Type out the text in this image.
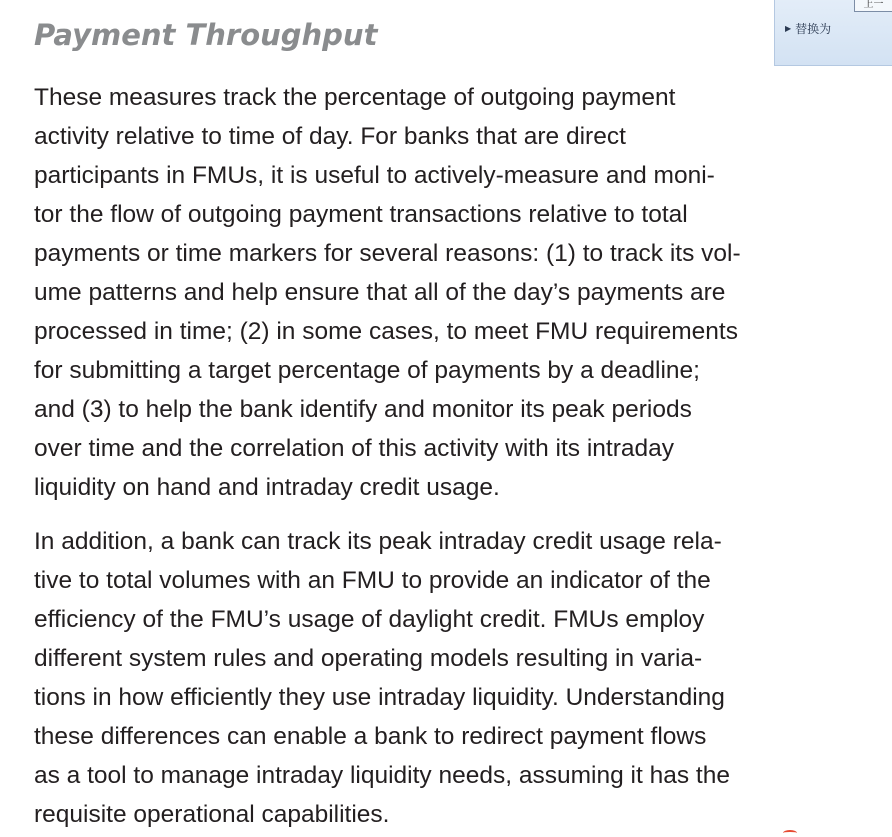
Payment Throughput

These measures track the percentage of outgoing payment
activity relative to time of day. For banks that are direct
participants in FMUs, it is useful to actively-measure and moni-
tor the flow of outgoing payment transactions relative to total
payments or time markers for several reasons: (1) to track its vol-
ume patterns and help ensure that all of the day’s payments are
processed in time; (2) in some cases, to meet FMU requirements
for submitting a target percentage of payments by a deadline;
and (3) to help the bank identify and monitor its peak periods
over time and the correlation of this activity with its intraday
liquidity on hand and intraday credit usage.

In addition, a bank can track its peak intraday credit usage rela-
tive to total volumes with an FMU to provide an indicator of the
efficiency of the FMU’s usage of daylight credit. FMUs employ
different system rules and operating models resulting in varia-
tions in how efficiently they use intraday liquidity. Understanding
these differences can enable a bank to redirect payment flows
as a tool to manage intraday liquidity needs, assuming it has the
requisite operational capabilities.

上一
▶ 替换为
